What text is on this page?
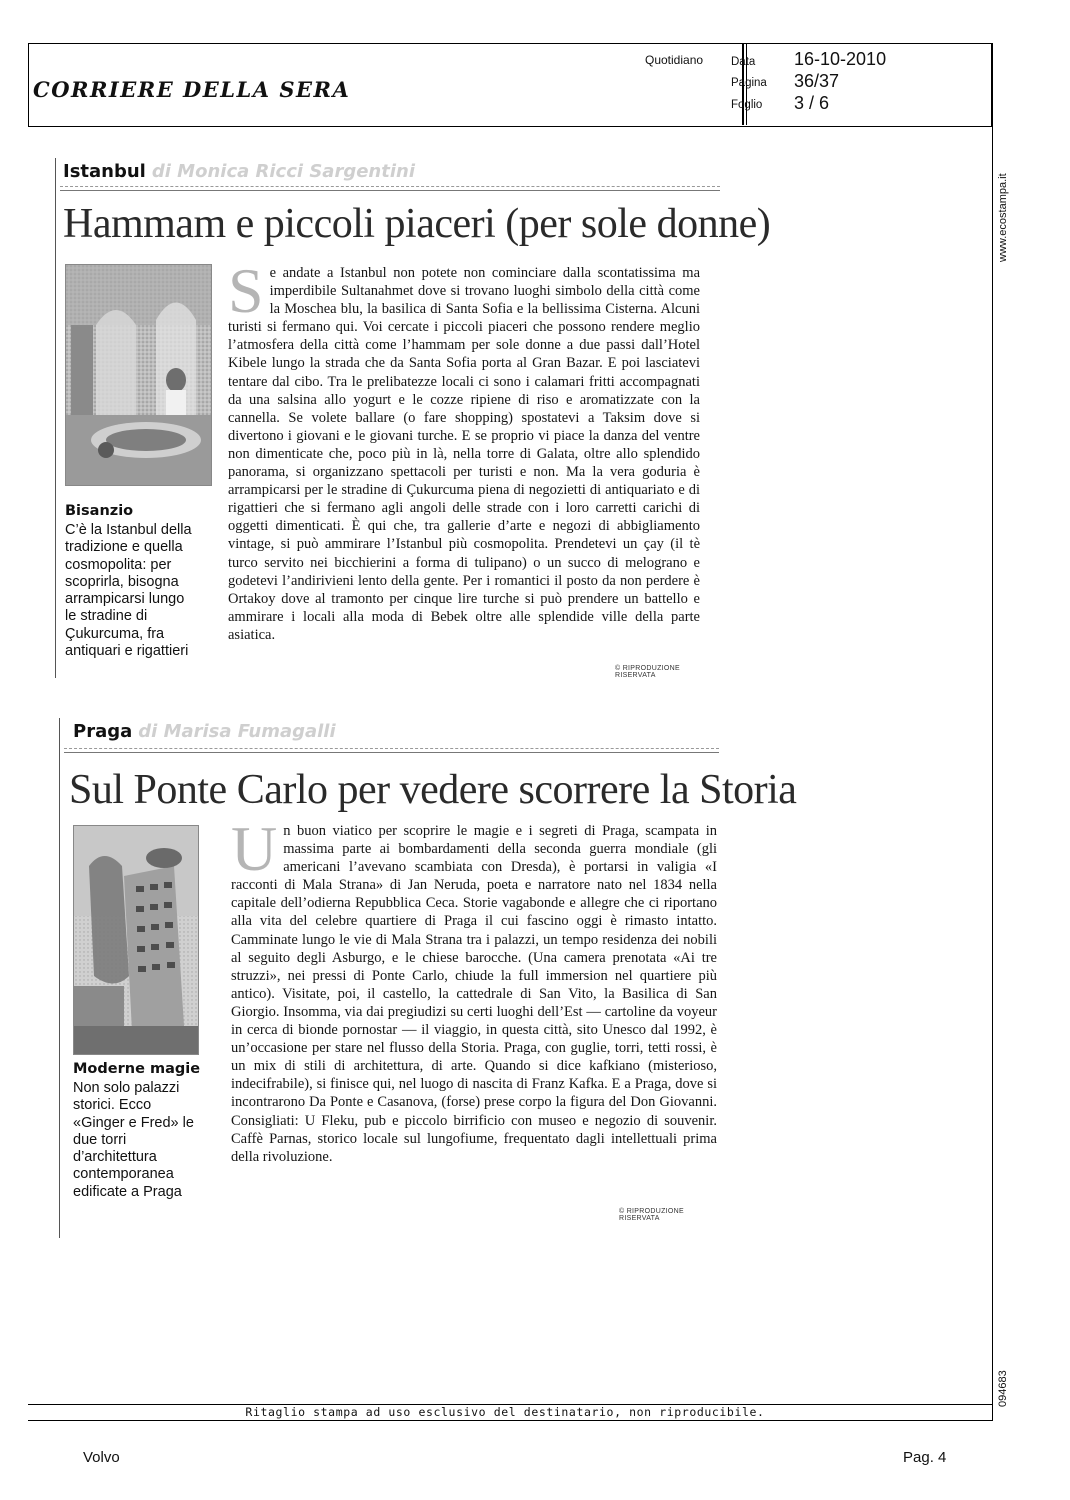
CORRIERE DELLA SERA
Quotidiano Data 16-10-2010
Pagina 36/37
Foglio 3 / 6
www.ecostampa.it
094683
Istanbul di Monica Ricci Sargentini
Hammam e piccoli piaceri (per sole donne)
Bisanzio
C’è la Istanbul della
tradizione e quella
cosmopolita: per
scoprirla, bisogna
arrampicarsi lungo
le stradine di
Çukurcuma, fra
antiquari e rigattieri
Se andate a Istanbul non potete non cominciare dalla scontatissima ma imperdibile Sultanahmet dove si trovano luoghi simbolo della città come la Moschea blu, la basilica di Santa Sofia e la bellissima Cisterna. Alcuni turisti si fermano qui. Voi cercate i piccoli piaceri che possono rendere meglio l’atmosfera della città come l’hammam per sole donne a due passi dall’Hotel Kibele lungo la strada che da Santa Sofia porta al Gran Bazar. E poi lasciatevi tentare dal cibo. Tra le prelibatezze locali ci sono i calamari fritti accompagnati da una salsina allo yogurt e le cozze ripiene di riso e aromatizzate con la cannella. Se volete ballare (o fare shopping) spostatevi a Taksim dove si divertono i giovani e le giovani turche. E se proprio vi piace la danza del ventre non dimenticate che, poco più in là, nella torre di Galata, oltre allo splendido panorama, si organizzano spettacoli per turisti e non. Ma la vera goduria è arrampicarsi per le stradine di Çukurcuma piena di negozietti di antiquariato e di rigattieri che si fermano agli angoli delle strade con i loro carretti carichi di oggetti dimenticati. È qui che, tra gallerie d’arte e negozi di abbigliamento vintage, si può ammirare l’Istanbul più cosmopolita. Prendetevi un çay (il tè turco servito nei bicchierini a forma di tulipano) o un succo di melograno e godetevi l’andirivieni lento della gente. Per i romantici il posto da non perdere è Ortakoy dove al tramonto per cinque lire turche si può prendere un battello e ammirare i locali alla moda di Bebek oltre alle splendide ville della parte asiatica.
© RIPRODUZIONE RISERVATA
Praga di Marisa Fumagalli
Sul Ponte Carlo per vedere scorrere la Storia
Moderne magie
Non solo palazzi
storici. Ecco
«Ginger e Fred» le
due torri
d’architettura
contemporanea
edificate a Praga
Un buon viatico per scoprire le magie e i segreti di Praga, scampata in massima parte ai bombardamenti della seconda guerra mondiale (gli americani l’avevano scambiata con Dresda), è portarsi in valigia «I racconti di Mala Strana» di Jan Neruda, poeta e narratore nato nel 1834 nella capitale dell’odierna Repubblica Ceca. Storie vagabonde e allegre che ci riportano alla vita del celebre quartiere di Praga il cui fascino oggi è rimasto intatto. Camminate lungo le vie di Mala Strana tra i palazzi, un tempo residenza dei nobili al seguito degli Asburgo, e le chiese barocche. (Una camera prenotata «Ai tre struzzi», nei pressi di Ponte Carlo, chiude la full immersion nel quartiere più antico). Visitate, poi, il castello, la cattedrale di San Vito, la Basilica di San Giorgio. Insomma, via dai pregiudizi su certi luoghi dell’Est — cartoline da voyeur in cerca di bionde pornostar — il viaggio, in questa città, sito Unesco dal 1992, è un’occasione per stare nel flusso della Storia. Praga, con guglie, torri, tetti rossi, è un mix di stili di architettura, di arte. Quando si dice kafkiano (misterioso, indecifrabile), si finisce qui, nel luogo di nascita di Franz Kafka. E a Praga, dove si incontrarono Da Ponte e Casanova, (forse) prese corpo la figura del Don Giovanni. Consigliati: U Fleku, pub e piccolo birrificio con museo e negozio di souvenir. Caffè Parnas, storico locale sul lungofiume, frequentato dagli intellettuali prima della rivoluzione.
© RIPRODUZIONE RISERVATA
Ritaglio stampa ad uso esclusivo del destinatario, non riproducibile.
Volvo	Pag. 4
